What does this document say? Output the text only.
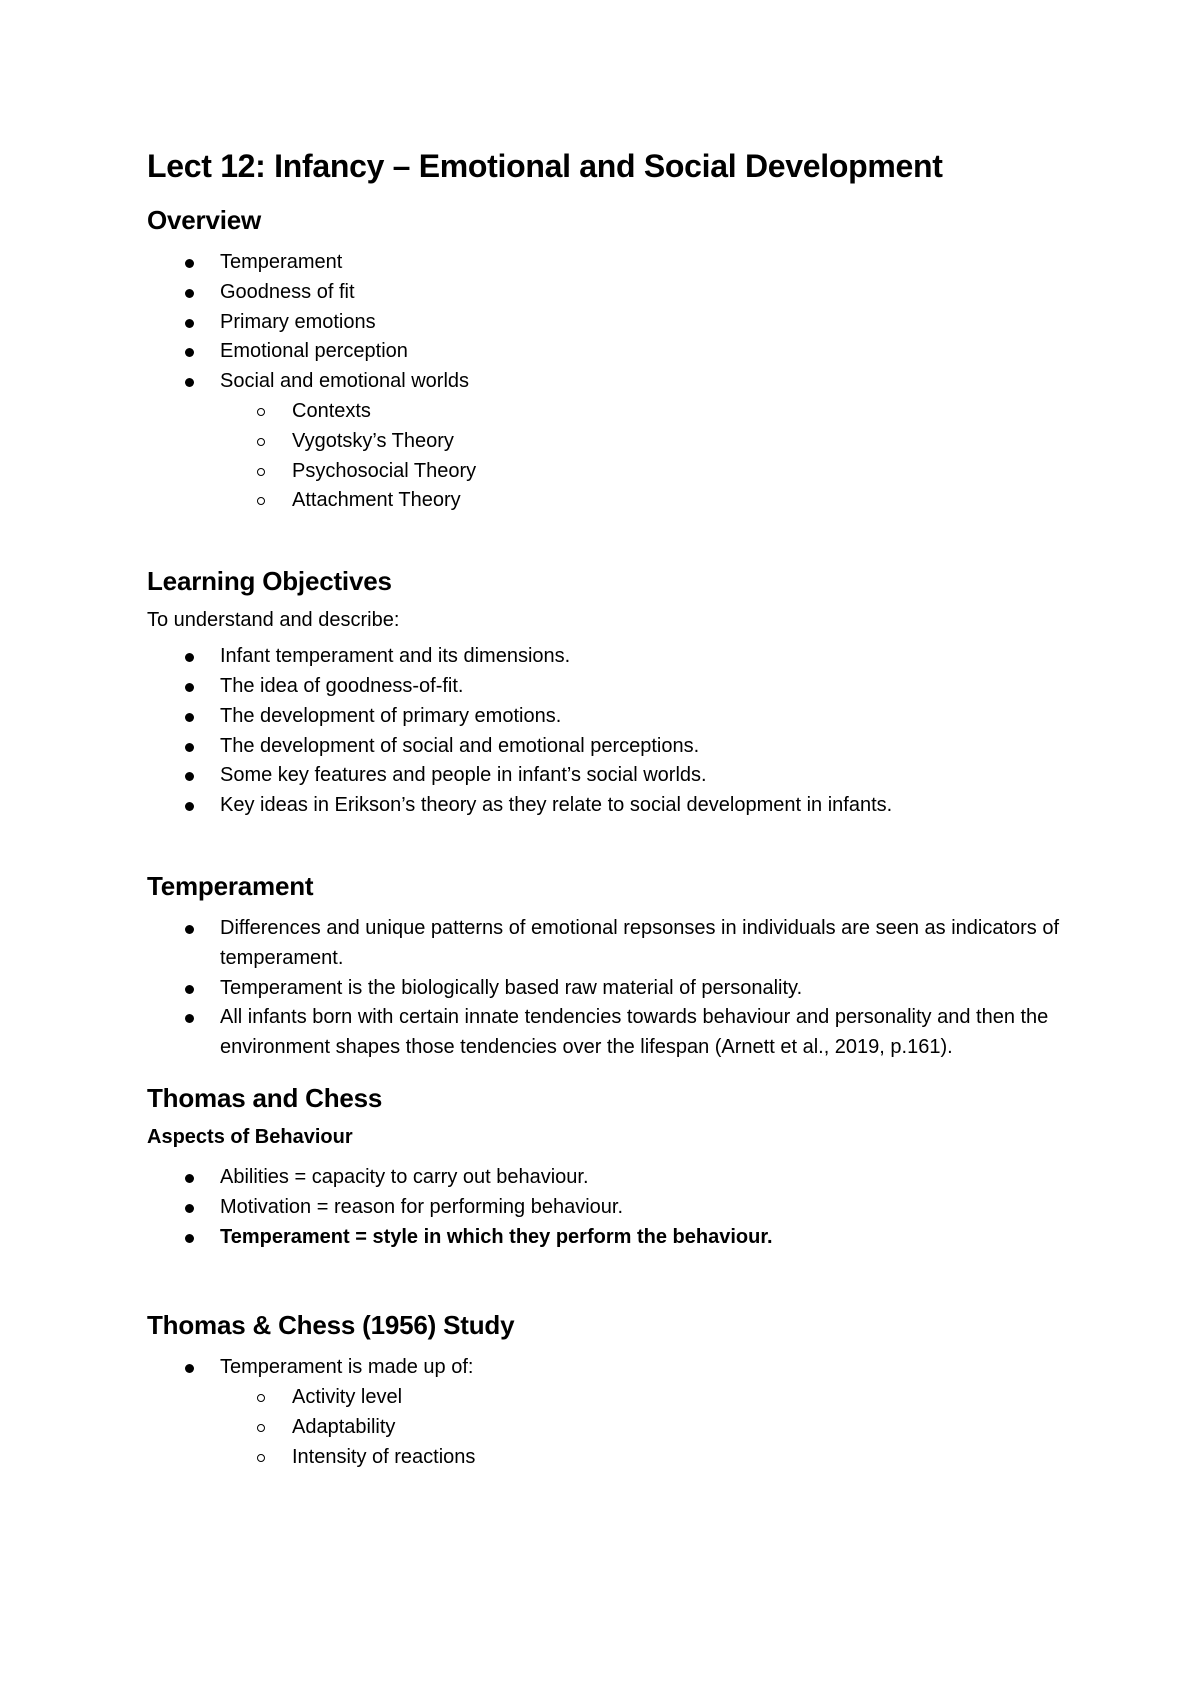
Lect 12: Infancy – Emotional and Social Development
Overview
Temperament
Goodness of fit
Primary emotions
Emotional perception
Social and emotional worlds
Contexts
Vygotsky’s Theory
Psychosocial Theory
Attachment Theory
Learning Objectives

To understand and describe:

Infant temperament and its dimensions.
The idea of goodness-of-fit.
The development of primary emotions.
The development of social and emotional perceptions.
Some key features and people in infant’s social worlds.
Key ideas in Erikson’s theory as they relate to social development in infants.
Temperament
Differences and unique patterns of emotional repsonses in individuals are seen as indicators of temperament.
Temperament is the biologically based raw material of personality.
All infants born with certain innate tendencies towards behaviour and personality and then the environment shapes those tendencies over the lifespan (Arnett et al., 2019, p.161).
Thomas and Chess
Aspects of Behaviour
Abilities = capacity to carry out behaviour.
Motivation = reason for performing behaviour.
Temperament = style in which they perform the behaviour.
Thomas & Chess (1956) Study
Temperament is made up of:
Activity level
Adaptability
Intensity of reactions
